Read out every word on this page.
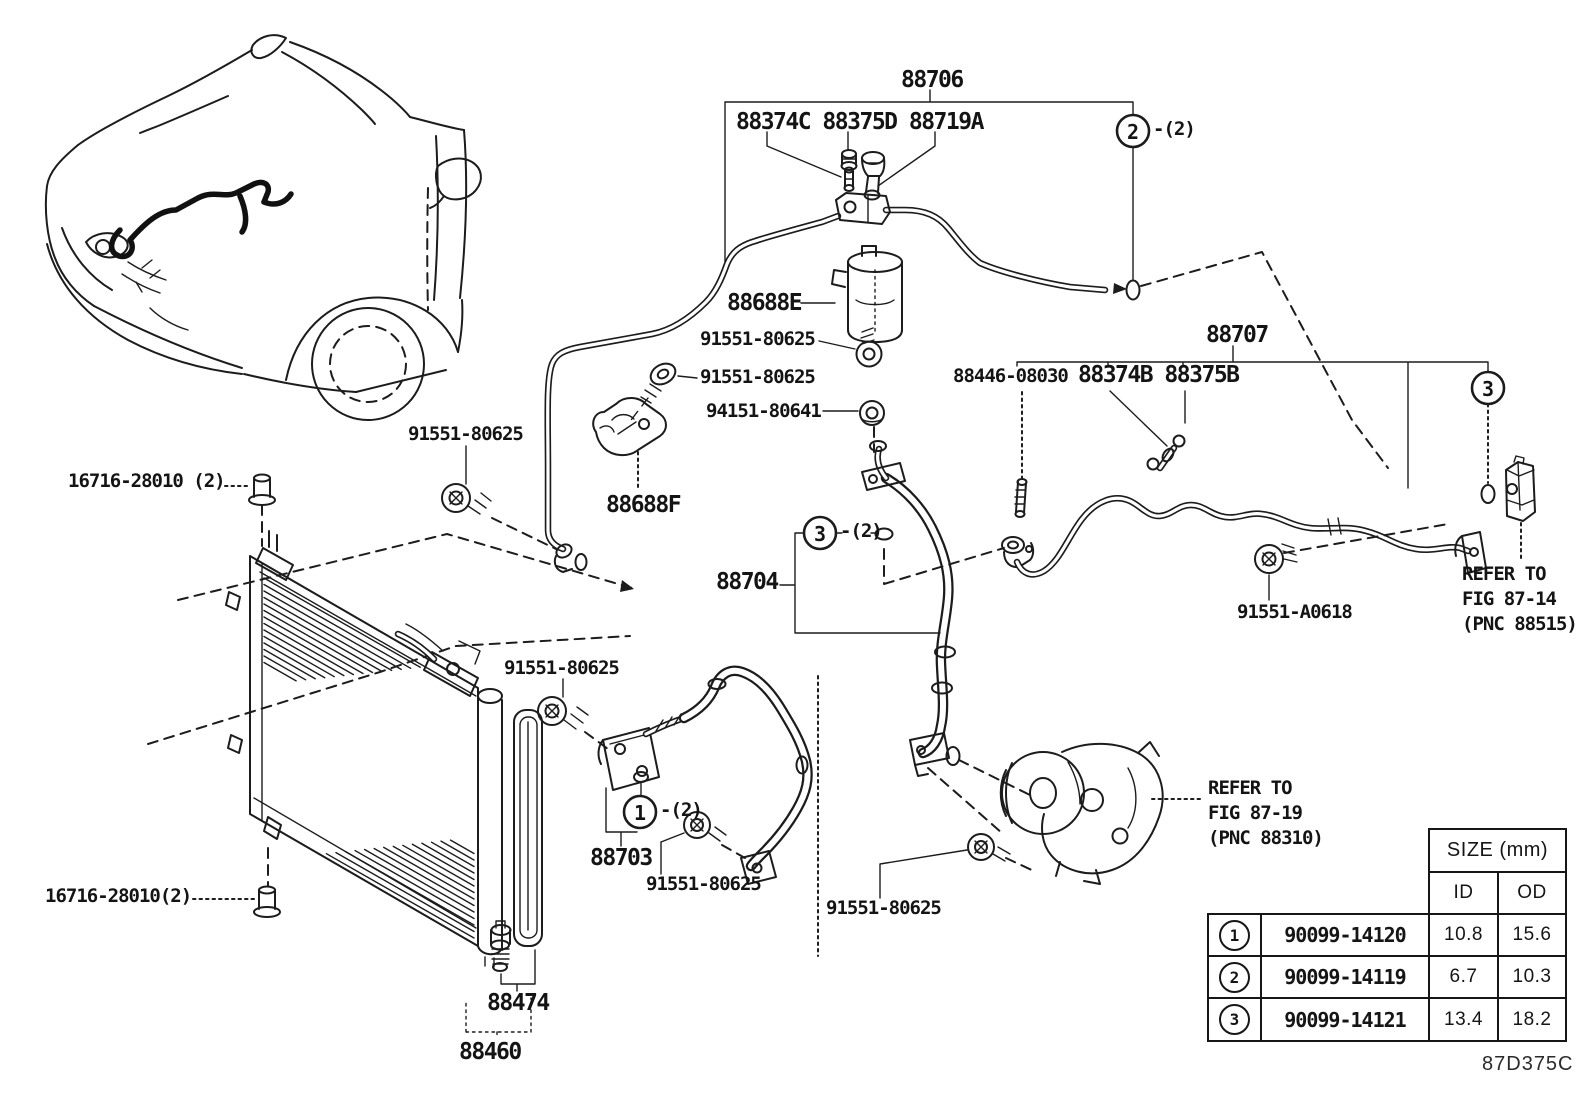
88706
88374C 88375D 88719A
88688E
91551-80625
91551-80625
94151-80641
88688F
88707
88446-08030 88374B 88375B
91551-A0618
88704
91551-80625
91551-80625
88703
91551-80625
91551-80625
16716-28010 (2)
16716-28010(2)
88474
88460
2 -(2)
3 -(2)
1 -(2)
3
REFER TO
FIG 87-14
(PNC 88515)
REFER TO
FIG 87-19
(PNC 88310)
SIZE (mm)
ID	OD
1	90099-14120	10.8	15.6
2	90099-14119	6.7	10.3
3	90099-14121	13.4	18.2
87D375C
